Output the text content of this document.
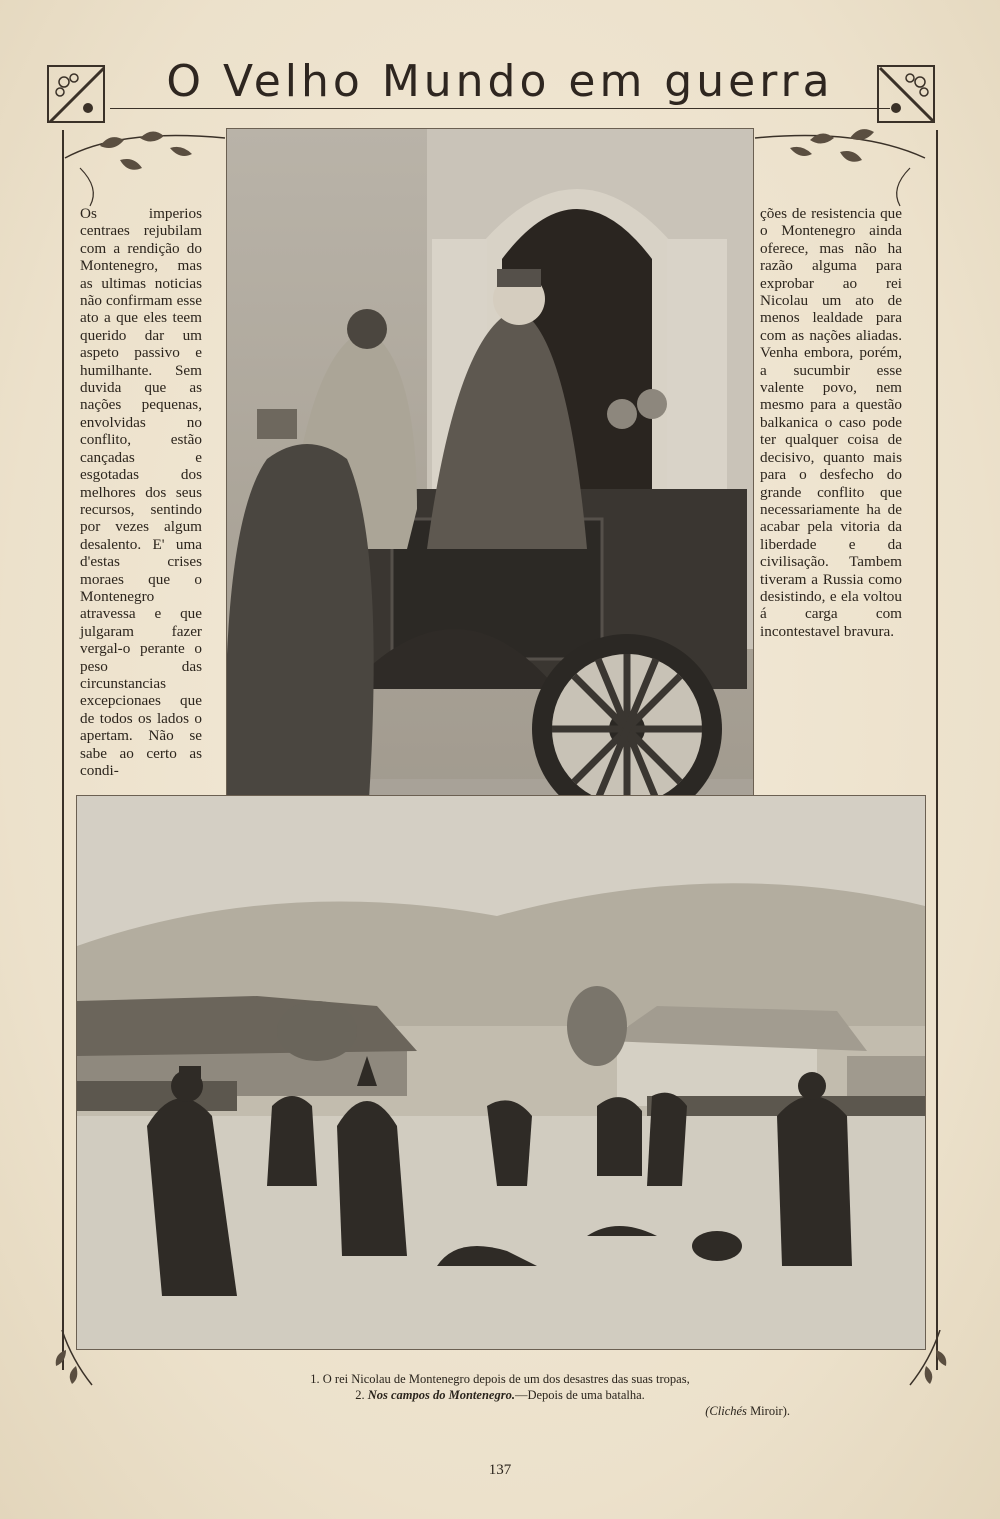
O Velho Mundo em guerra

Os imperios centraes rejubilam com a rendição do Montenegro, mas as ultimas noticias não confirmam esse ato a que eles teem querido dar um aspeto passivo e humilhante. Sem duvida que as nações pequenas, envolvidas no conflito, estão cançadas e esgotadas dos melhores dos seus recursos, sentindo por vezes algum desalento. E' uma d'estas crises moraes que o Montenegro atravessa e que julgaram fazer vergal-o perante o peso das circunstancias excepcionaes que de todos os lados o apertam. Não se sabe ao certo as condi-

ções de resistencia que o Montenegro ainda oferece, mas não ha razão alguma para exprobar ao rei Nicolau um ato de menos lealdade para com as nações aliadas. Venha embora, porém, a sucumbir esse valente povo, nem mesmo para a questão balkanica o caso pode ter qualquer coisa de decisivo, quanto mais para o desfecho do grande conflito que necessariamente ha de acabar pela vitoria da liberdade e da civilisação. Tambem tiveram a Russia como desistindo, e ela voltou á carga com incontestavel bravura.

1. O rei Nicolau de Montenegro depois de um dos desastres das suas tropas,
2. Nos campos do Montenegro.—Depois de uma batalha.
(Clichés Miroir).
137
